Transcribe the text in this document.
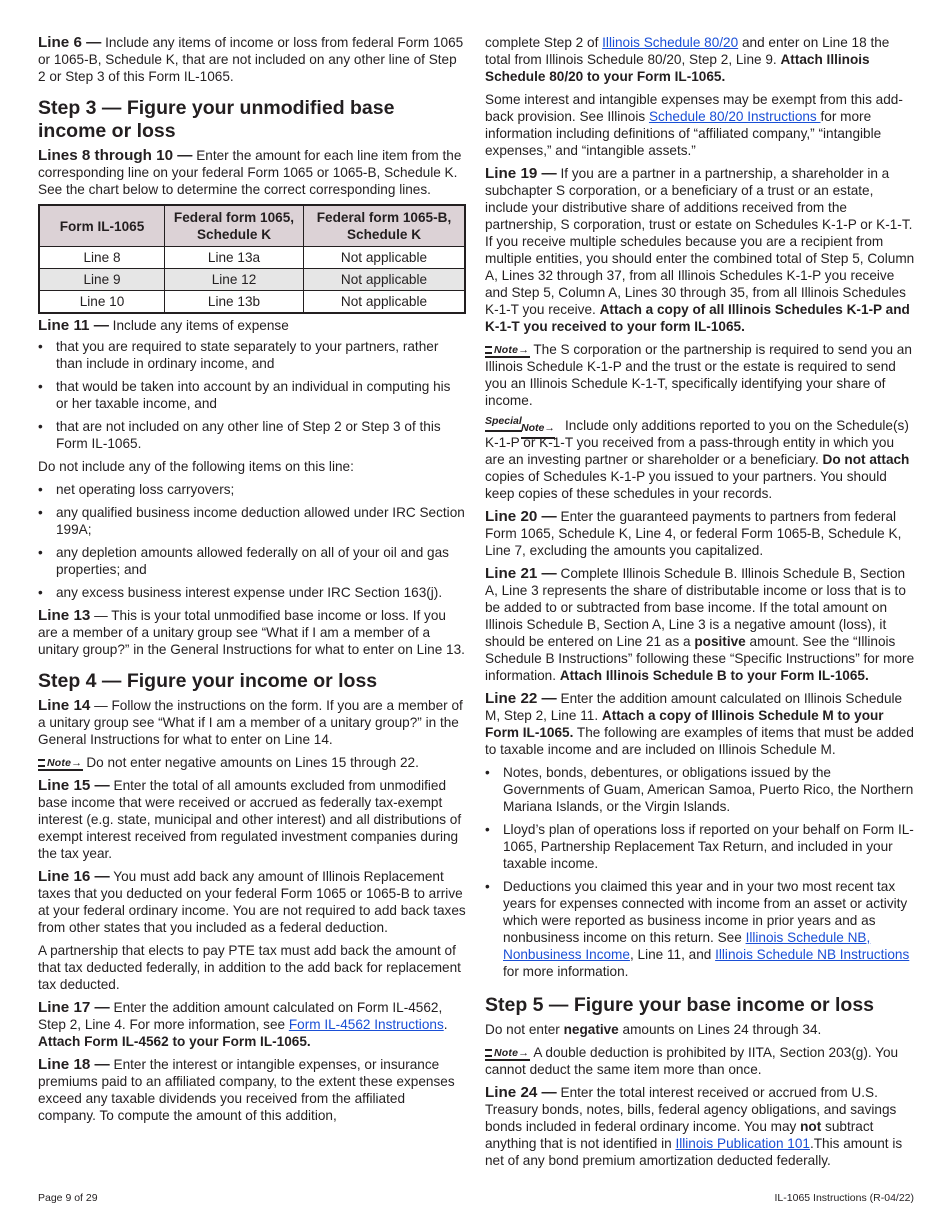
Line 6 — Include any items of income or loss from federal Form 1065 or 1065-B, Schedule K, that are not included on any other line of Step 2 or Step 3 of this Form IL-1065.

Step 3 — Figure your unmodified base income or loss

Lines 8 through 10 — Enter the amount for each line item from the corresponding line on your federal Form 1065 or 1065-B, Schedule K. See the chart below to determine the correct corresponding lines.

Form IL-1065	Federal form 1065, Schedule K	Federal form 1065-B, Schedule K
Line 8	Line 13a	Not applicable
Line 9	Line 12	Not applicable
Line 10	Line 13b	Not applicable

Line 11 — Include any items of expense

• that you are required to state separately to your partners, rather than include in ordinary income, and
• that would be taken into account by an individual in computing his or her taxable income, and
• that are not included on any other line of Step 2 or Step 3 of this Form IL-1065.

Do not include any of the following items on this line:

• net operating loss carryovers;
• any qualified business income deduction allowed under IRC Section 199A;
• any depletion amounts allowed federally on all of your oil and gas properties; and
• any excess business interest expense under IRC Section 163(j).

Line 13 — This is your total unmodified base income or loss. If you are a member of a unitary group see “What if I am a member of a unitary group?” in the General Instructions for what to enter on Line 13.

Step 4 — Figure your income or loss

Line 14 — Follow the instructions on the form. If you are a member of a unitary group see “What if I am a member of a unitary group?” in the General Instructions for what to enter on Line 14.

Note→ Do not enter negative amounts on Lines 15 through 22.

Line 15 — Enter the total of all amounts excluded from unmodified base income that were received or accrued as federally tax-exempt interest (e.g. state, municipal and other interest) and all distributions of exempt interest received from regulated investment companies during the tax year.

Line 16 — You must add back any amount of Illinois Replacement taxes that you deducted on your federal Form 1065 or 1065-B to arrive at your federal ordinary income. You are not required to add back taxes from other states that you included as a federal deduction.

A partnership that elects to pay PTE tax must add back the amount of that tax deducted federally, in addition to the add back for replacement tax deducted.

Line 17 — Enter the addition amount calculated on Form IL-4562, Step 2, Line 4. For more information, see Form IL-4562 Instructions.
Attach Form IL-4562 to your Form IL-1065.

Line 18 — Enter the interest or intangible expenses, or insurance premiums paid to an affiliated company, to the extent these expenses exceed any taxable dividends you received from the affiliated company. To compute the amount of this addition,

complete Step 2 of Illinois Schedule 80/20 and enter on Line 18 the total from Illinois Schedule 80/20, Step 2, Line 9. Attach Illinois Schedule 80/20 to your Form IL-1065.

Some interest and intangible expenses may be exempt from this add-back provision. See Illinois Schedule 80/20 Instructions for more information including definitions of “affiliated company,” “intangible expenses,” and “intangible assets.”

Line 19 — If you are a partner in a partnership, a shareholder in a subchapter S corporation, or a beneficiary of a trust or an estate, include your distributive share of additions received from the partnership, S corporation, trust or estate on Schedules K-1-P or K-1-T. If you receive multiple schedules because you are a recipient from multiple entities, you should enter the combined total of Step 5, Column A, Lines 32 through 37, from all Illinois Schedules K-1-P you receive and Step 5, Column A, Lines 30 through 35, from all Illinois Schedules K-1-T you receive. Attach a copy of all Illinois Schedules K-1-P and K-1-T you received to your form IL-1065.

Note→ The S corporation or the partnership is required to send you an Illinois Schedule K-1-P and the trust or the estate is required to send you an Illinois Schedule K-1-T, specifically identifying your share of income.

Special
Note→ Include only additions reported to you on the Schedule(s) K-1-P or K-1-T you received from a pass-through entity in which you are an investing partner or shareholder or a beneficiary. Do not attach copies of Schedules K-1-P you issued to your partners. You should keep copies of these schedules in your records.

Line 20 — Enter the guaranteed payments to partners from federal Form 1065, Schedule K, Line 4, or federal Form 1065-B, Schedule K, Line 7, excluding the amounts you capitalized.

Line 21 — Complete Illinois Schedule B. Illinois Schedule B, Section A, Line 3 represents the share of distributable income or loss that is to be added to or subtracted from base income. If the total amount on Illinois Schedule B, Section A, Line 3 is a negative amount (loss), it should be entered on Line 21 as a positive amount. See the “Illinois Schedule B Instructions” following these “Specific Instructions” for more information. Attach Illinois Schedule B to your Form IL-1065.

Line 22 — Enter the addition amount calculated on Illinois Schedule M, Step 2, Line 11. Attach a copy of Illinois Schedule M to your Form IL-1065. The following are examples of items that must be added to taxable income and are included on Illinois Schedule M.

• Notes, bonds, debentures, or obligations issued by the Governments of Guam, American Samoa, Puerto Rico, the Northern Mariana Islands, or the Virgin Islands.
• Lloyd’s plan of operations loss if reported on your behalf on Form IL-1065, Partnership Replacement Tax Return, and included in your taxable income.
• Deductions you claimed this year and in your two most recent tax years for expenses connected with income from an asset or activity which were reported as business income in prior years and as nonbusiness income on this return. See Illinois Schedule NB, Nonbusiness Income, Line 11, and Illinois Schedule NB Instructions for more information.
Step 5 — Figure your base income or loss

Do not enter negative amounts on Lines 24 through 34.

Note→ A double deduction is prohibited by IITA, Section 203(g). You cannot deduct the same item more than once.

Line 24 — Enter the total interest received or accrued from U.S. Treasury bonds, notes, bills, federal agency obligations, and savings bonds included in federal ordinary income. You may not subtract anything that is not identified in Illinois Publication 101.This amount is net of any bond premium amortization deducted federally.

Page 9 of 29	IL-1065 Instructions (R-04/22)
